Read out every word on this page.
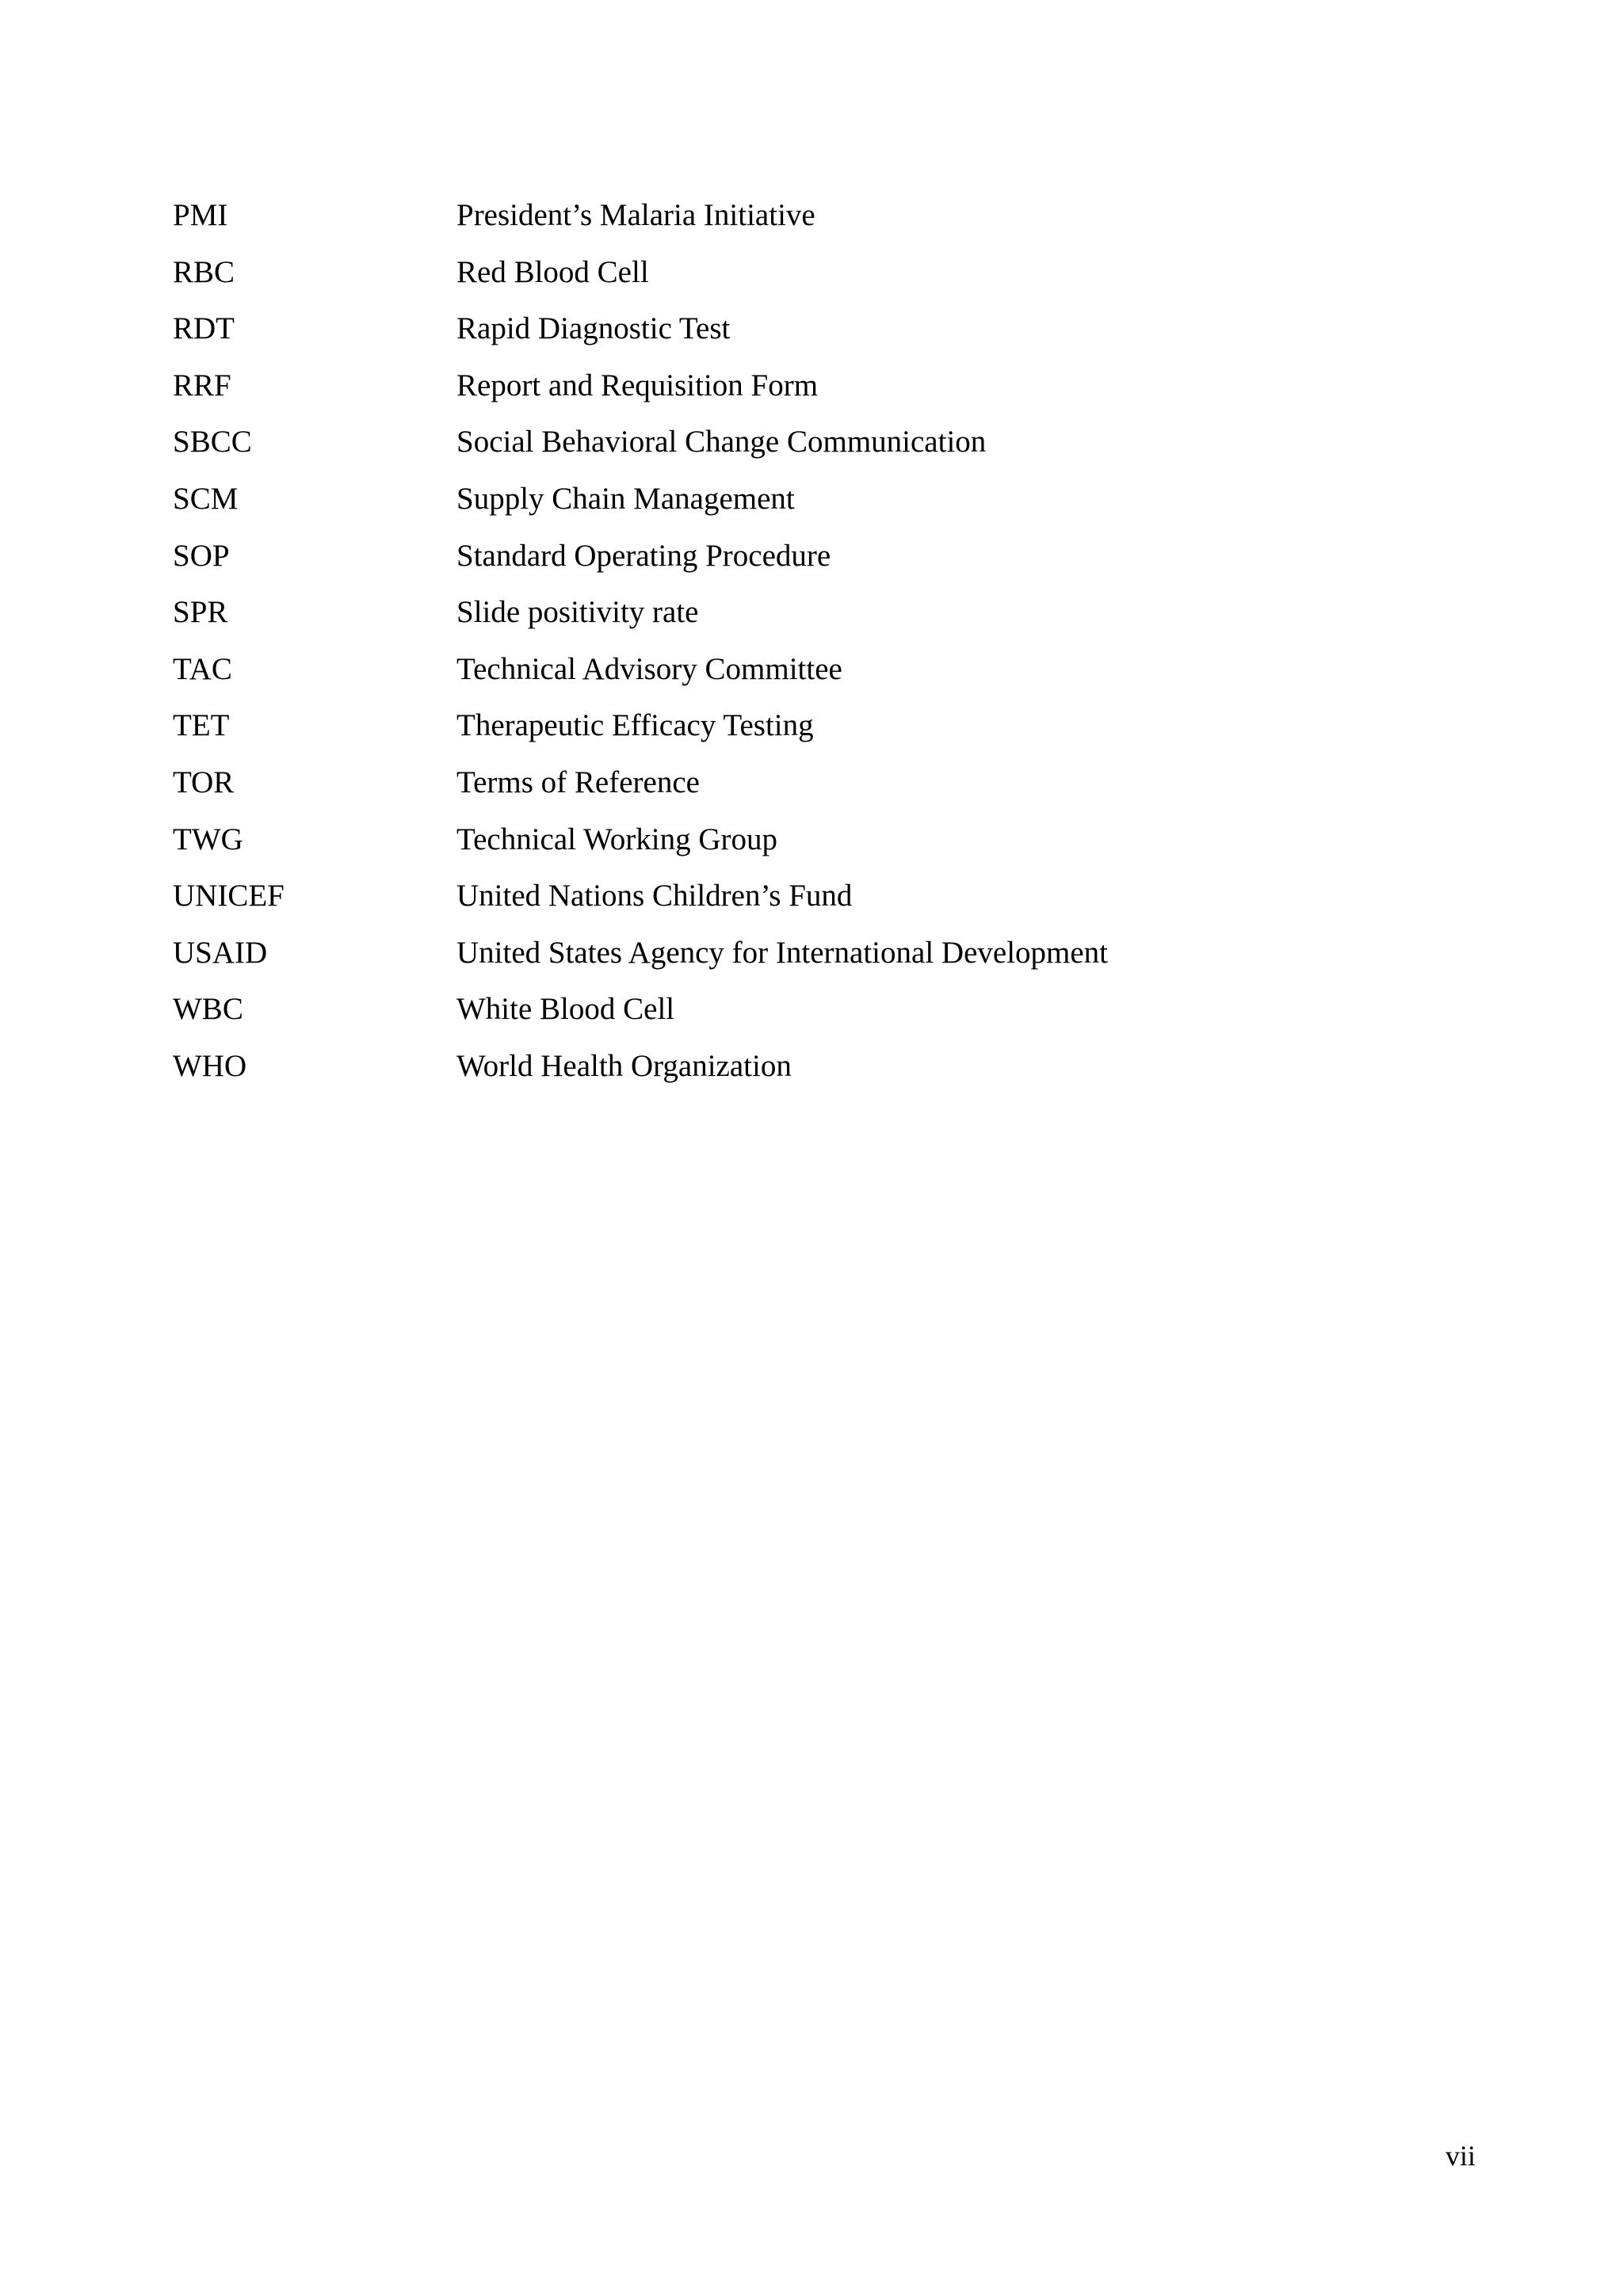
PMI	President’s Malaria Initiative
RBC	Red Blood Cell
RDT	Rapid Diagnostic Test
RRF	Report and Requisition Form
SBCC	Social Behavioral Change Communication
SCM	Supply Chain Management
SOP	Standard Operating Procedure
SPR	Slide positivity rate
TAC	Technical Advisory Committee
TET	Therapeutic Efficacy Testing
TOR	Terms of Reference
TWG	Technical Working Group
UNICEF	United Nations Children’s Fund
USAID	United States Agency for International Development
WBC	White Blood Cell
WHO	World Health Organization
vii
